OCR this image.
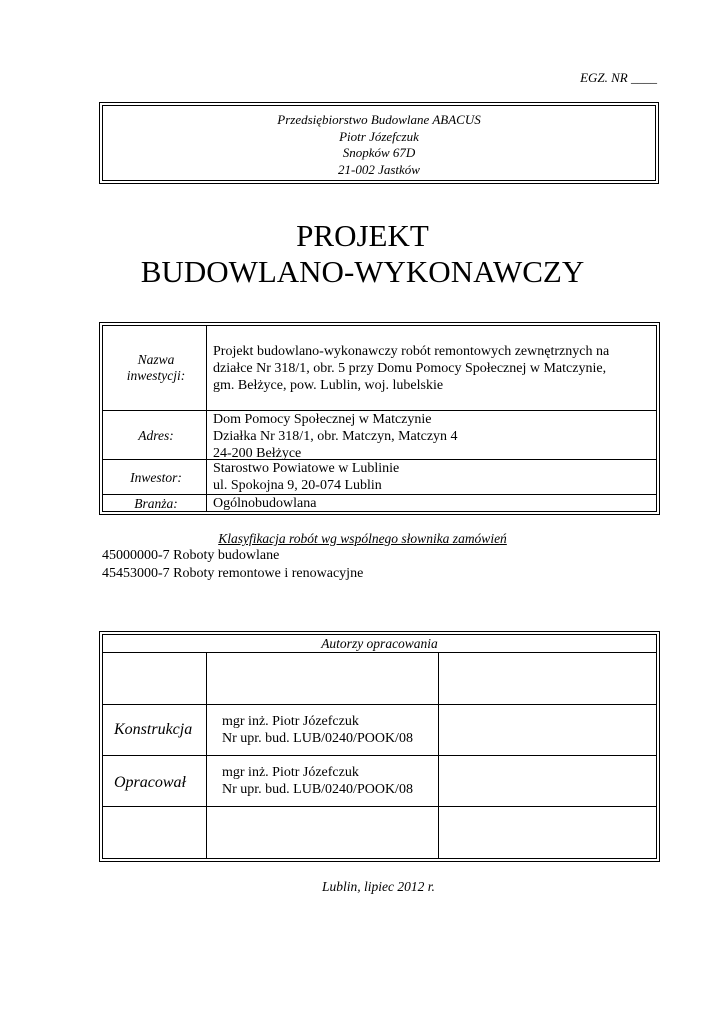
EGZ. NR ____
Przedsiębiorstwo Budowlane ABACUS
Piotr Józefczuk
Snopków 67D
21-002 Jastków
PROJEKT
BUDOWLANO-WYKONAWCZY
Nazwa inwestycji:
Projekt budowlano-wykonawczy robót remontowych zewnętrznych na
działce Nr 318/1, obr. 5 przy Domu Pomocy Społecznej w Matczynie,
gm. Bełżyce, pow. Lublin, woj. lubelskie
Adres:
Dom Pomocy Społecznej w Matczynie
Działka Nr 318/1, obr. Matczyn, Matczyn 4
24-200 Bełżyce
Inwestor:
Starostwo Powiatowe w Lublinie
ul. Spokojna 9, 20-074 Lublin
Branża:	Ogólnobudowlana
Klasyfikacja robót wg wspólnego słownika zamówień
45000000-7 Roboty budowlane
45453000-7 Roboty remontowe i renowacyjne
Autorzy opracowania
Konstrukcja mgr inż. Piotr Józefczuk
Nr upr. bud. LUB/0240/POOK/08
Opracował
mgr inż. Piotr Józefczuk
Nr upr. bud. LUB/0240/POOK/08
Lublin, lipiec 2012 r.
